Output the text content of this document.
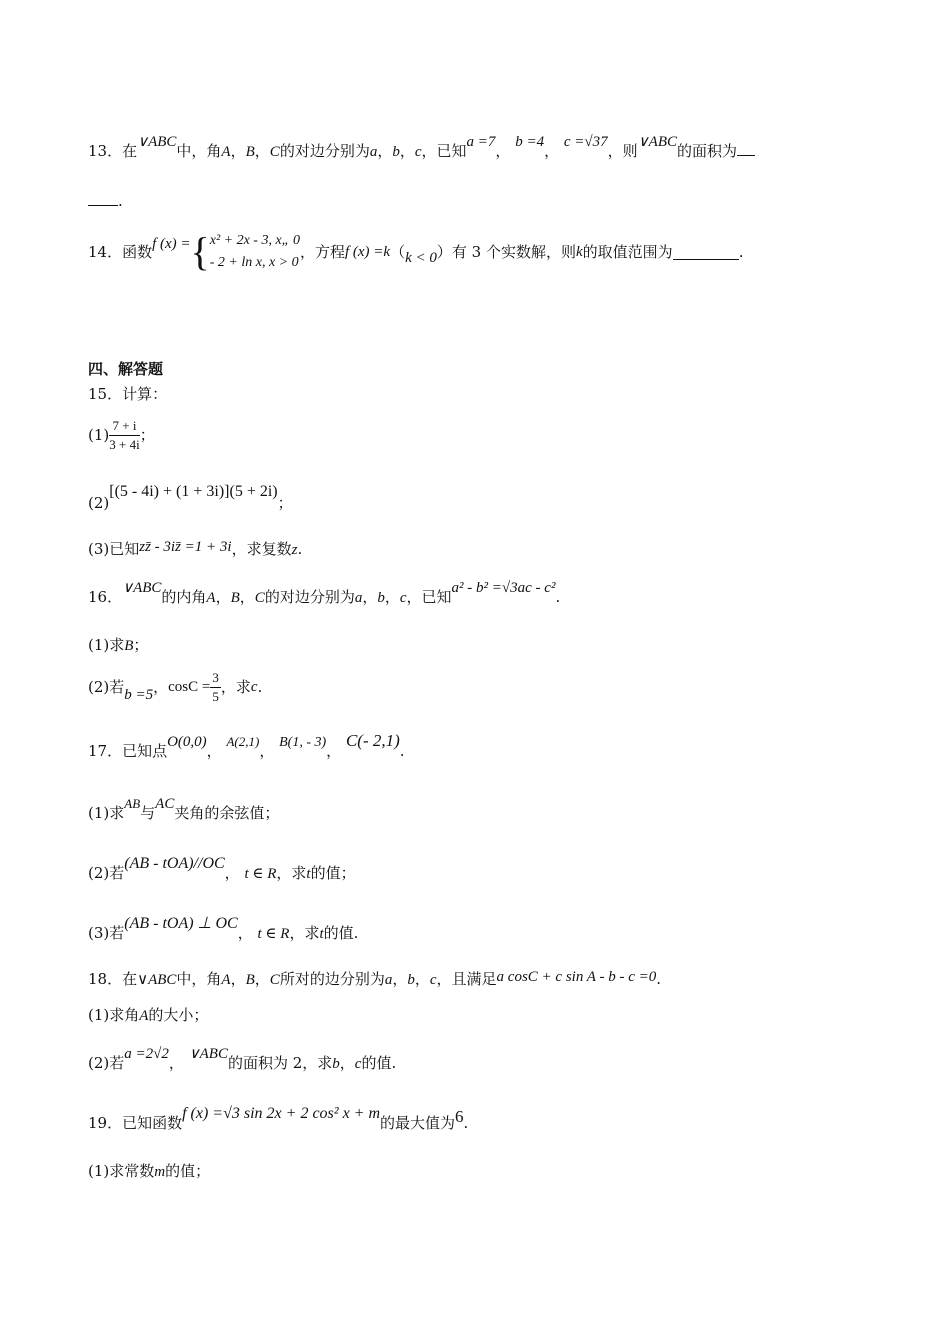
13．在∨ABC中，角A，B，C的对边分别为a，b，c，已知a =7， b =4， c =√37，则∨ABC的面积为
.
14．函数f (x) ={ x² + 2x - 3, x„ 0
- 2 + ln x, x > 0
，方程f (x) =k（k < 0）有 3 个实数解，则k的取值范围为	.
四、解答题
15．计算：
$(1) \frac{7 + i}{3 + 4i}$ ；
(2)[(5 - 4i) + (1 + 3i)](5 + 2i)；
(3)已知zz̄ - 3iz̄ =1 + 3i，求复数z.
16．∨ABC的内角A，B，C的对边分别为a，b，c，已知a² - b² =√3ac - c².
(1)求B；
(2)若b =5，$\cos C = \frac{3}{5}$ ，求c.
17．已知点O(0,0)， A(2,1)， B(1, - 3)， C(- 2,1).
(1)求AB与AC夹角的余弦值；
(2)若(AB - tOA)//OC， t ∈ R，求t的值；
(3)若(AB - tOA) ⊥ OC， t ∈ R，求t的值.
18．在∨ABC中，角A，B，C所对的边分别为a，b，c，且满足a cosC + c sin A - b - c =0.
(1)求角A的大小；
(2)若a =2√2， ∨ABC的面积为 2，求b，c的值.
19．已知函数f (x) =√3 sin 2x + 2 cos² x + m的最大值为6.
(1)求常数m的值；
